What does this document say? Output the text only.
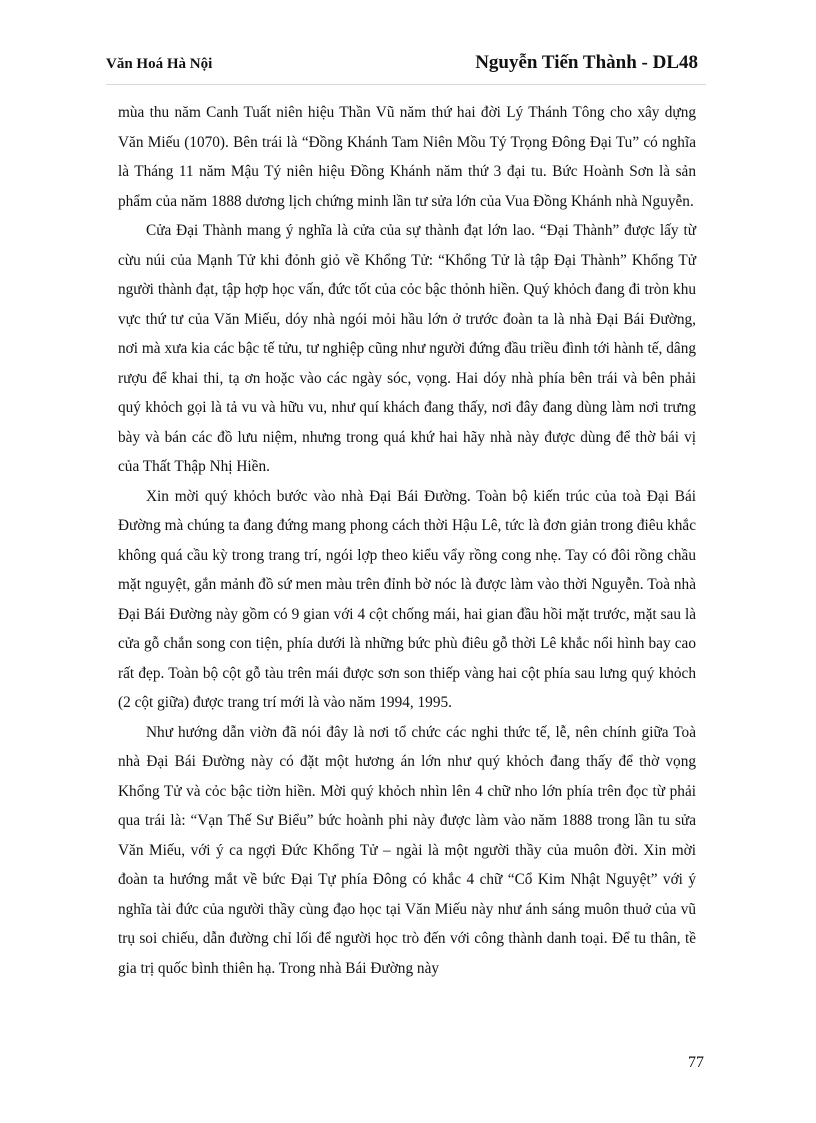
Văn Hoá Hà Nội	Nguyễn Tiến Thành - DL48

mùa thu năm Canh Tuất niên hiệu Thần Vũ năm thứ hai đời Lý Thánh Tông cho xây dựng Văn Miếu (1070). Bên trái là “Đồng Khánh Tam Niên Mồu Tý Trọng Đông Đại Tu” có nghĩa là Tháng 11 năm Mậu Tý niên hiệu Đồng Khánh năm thứ 3 đại tu. Bức Hoành Sơn là sản phẩm của năm 1888 dương lịch chứng minh lần tư sửa lớn của Vua Đồng Khánh nhà Nguyễn.

Cửa Đại Thành mang ý nghĩa là cửa của sự thành đạt lớn lao. “Đại Thành” được lấy từ cừu núi của Mạnh Tử khi đỏnh giỏ về Khổng Tử: “Khổng Tử là tập Đại Thành” Khổng Tử người thành đạt, tập hợp học vấn, đức tốt của cỏc bậc thỏnh hiền. Quý khỏch đang đi tròn khu vực thứ tư của Văn Miếu, dóy nhà ngói mỏi hầu lớn ở trước đoàn ta là nhà Đại Bái Đường, nơi mà xưa kia các bậc tế tửu, tư nghiệp cũng như người đứng đầu triều đình tới hành tế, dâng rượu để khai thi, tạ ơn hoặc vào các ngày sóc, vọng. Hai dóy nhà phía bên trái và bên phải quý khỏch gọi là tả vu và hữu vu, như quí khách đang thấy, nơi đây đang dùng làm nơi trưng bày và bán các đồ lưu niệm, nhưng trong quá khứ hai hãy nhà này được dùng để thờ bái vị của Thất Thập Nhị Hiền.

Xin mời quý khỏch bước vào nhà Đại Bái Đường. Toàn bộ kiến trúc của toà Đại Bái Đường mà chúng ta đang đứng mang phong cách thời Hậu Lê, tức là đơn giản trong điêu khắc không quá cầu kỳ trong trang trí, ngói lợp theo kiểu vẩy rồng cong nhẹ. Tay có đôi rồng chầu mặt nguyệt, gắn mảnh đồ sứ men màu trên đỉnh bờ nóc là được làm vào thời Nguyễn. Toà nhà Đại Bái Đường này gồm có 9 gian với 4 cột chống mái, hai gian đầu hồi mặt trước, mặt sau là cửa gỗ chắn song con tiện, phía dưới là những bức phù điêu gỗ thời Lê khắc nổi hình bay cao rất đẹp. Toàn bộ cột gỗ tàu trên mái được sơn son thiếp vàng hai cột phía sau lưng quý khỏch (2 cột giữa) được trang trí mới là vào năm 1994, 1995.

Như hướng dẫn viờn đã nói đây là nơi tổ chức các nghi thức tế, lễ, nên chính giữa Toà nhà Đại Bái Đường này có đặt một hương án lớn như quý khỏch đang thấy để thờ vọng Khổng Tử và cỏc bậc tiờn hiền. Mời quý khỏch nhìn lên 4 chữ nho lớn phía trên đọc từ phải qua trái là: “Vạn Thế Sư Biểu” bức hoành phi này được làm vào năm 1888 trong lần tu sửa Văn Miếu, với ý ca ngợi Đức Khổng Tử – ngài là một người thầy của muôn đời. Xin mời đoàn ta hướng mắt về bức Đại Tự phía Đông có khắc 4 chữ “Cổ Kim Nhật Nguyệt” với ý nghĩa tài đức của người thầy cùng đạo học tại Văn Miếu này như ánh sáng muôn thuở của vũ trụ soi chiếu, dẫn đường chỉ lối để người học trò đến với công thành danh toại. Để tu thân, tề gia trị quốc bình thiên hạ. Trong nhà Bái Đường này

77
